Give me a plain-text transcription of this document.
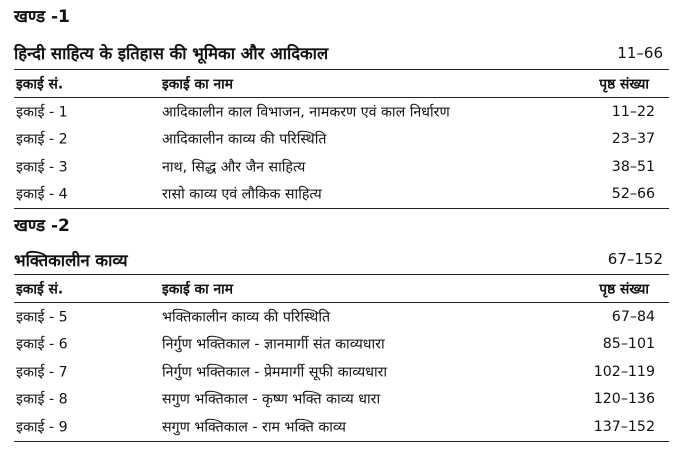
खण्ड -1
हिन्दी साहित्य के इतिहास की भूमिका और आदिकाल	11–66
इकाई सं.	इकाई का नाम	पृष्ठ संख्या
इकाई - 1	आदिकालीन काल विभाजन, नामकरण एवं काल निर्धारण	11–22
इकाई - 2	आदिकालीन काव्य की परिस्थिति	23–37
इकाई - 3	नाथ, सिद्ध और जैन साहित्य	38–51
इकाई - 4	रासो काव्य एवं लौकिक साहित्य	52–66
खण्ड -2
भक्तिकालीन काव्य	67–152
इकाई सं.	इकाई का नाम	पृष्ठ संख्या
इकाई - 5	भक्तिकालीन काव्य की परिस्थिति	67–84
इकाई - 6	निर्गुण भक्तिकाल - ज्ञानमार्गी संत काव्यधारा	85–101
इकाई - 7	निर्गुण भक्तिकाल - प्रेममार्गी सूफी काव्यधारा	102–119
इकाई - 8	सगुण भक्तिकाल - कृष्ण भक्ति काव्य धारा	120–136
इकाई - 9	सगुण भक्तिकाल - राम भक्ति काव्य	137–152
